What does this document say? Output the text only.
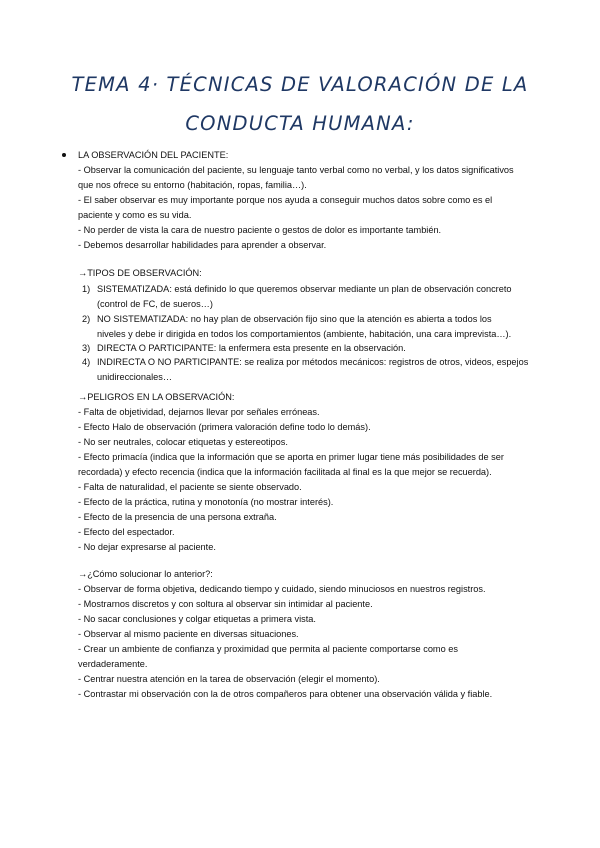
TEMA 4· TÉCNICAS DE VALORACIÓN DE LA
CONDUCTA HUMANA:
LA OBSERVACIÓN DEL PACIENTE:
- Observar la comunicación del paciente, su lenguaje tanto verbal como no verbal, y los datos significativos
que nos ofrece su entorno (habitación, ropas, familia…).
- El saber observar es muy importante porque nos ayuda a conseguir muchos datos sobre como es el
paciente y como es su vida.
- No perder de vista la cara de nuestro paciente o gestos de dolor es importante también.
- Debemos desarrollar habilidades para aprender a observar.
→TIPOS DE OBSERVACIÓN:
1) SISTEMATIZADA: está definido lo que queremos observar mediante un plan de observación concreto
(control de FC, de sueros…)
2) NO SISTEMATIZADA: no hay plan de observación fijo sino que la atención es abierta a todos los
niveles y debe ir dirigida en todos los comportamientos (ambiente, habitación, una cara imprevista…).
3) DIRECTA O PARTICIPANTE: la enfermera esta presente en la observación.
4) INDIRECTA O NO PARTICIPANTE: se realiza por métodos mecánicos: registros de otros, videos, espejos
unidireccionales…
→PELIGROS EN LA OBSERVACIÓN:
- Falta de objetividad, dejarnos llevar por señales erróneas.
- Efecto Halo de observación (primera valoración define todo lo demás).
- No ser neutrales, colocar etiquetas y estereotipos.
- Efecto primacía (indica que la información que se aporta en primer lugar tiene más posibilidades de ser
recordada) y efecto recencia (indica que la información facilitada al final es la que mejor se recuerda).
- Falta de naturalidad, el paciente se siente observado.
- Efecto de la práctica, rutina y monotonía (no mostrar interés).
- Efecto de la presencia de una persona extraña.
- Efecto del espectador.
- No dejar expresarse al paciente.
→¿Cómo solucionar lo anterior?:
- Observar de forma objetiva, dedicando tiempo y cuidado, siendo minuciosos en nuestros registros.
- Mostrarnos discretos y con soltura al observar sin intimidar al paciente.
- No sacar conclusiones y colgar etiquetas a primera vista.
- Observar al mismo paciente en diversas situaciones.
- Crear un ambiente de confianza y proximidad que permita al paciente comportarse como es
verdaderamente.
- Centrar nuestra atención en la tarea de observación (elegir el momento).
- Contrastar mi observación con la de otros compañeros para obtener una observación válida y fiable.
